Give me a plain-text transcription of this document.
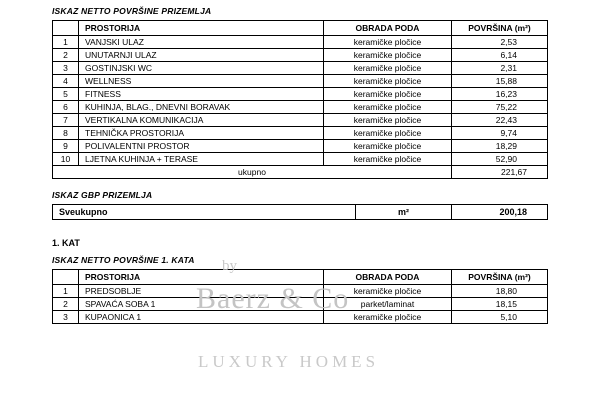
ISKAZ NETTO POVRŠINE PRIZEMLJA
	PROSTORIJA	OBRADA PODA	POVRŠINA (m²)
1	VANJSKI ULAZ	keramičke pločice	2,53
2	UNUTARNJI ULAZ	keramičke pločice	6,14
3	GOSTINJSKI WC	keramičke pločice	2,31
4	WELLNESS	keramičke pločice	15,88
5	FITNESS	keramičke pločice	16,23
6	KUHINJA, BLAG., DNEVNI BORAVAK	keramičke pločice	75,22
7	VERTIKALNA KOMUNIKACIJA	keramičke pločice	22,43
8	TEHNIČKA PROSTORIJA	keramičke pločice	9,74
9	POLIVALENTNI PROSTOR	keramičke pločice	18,29
10	LJETNA KUHINJA + TERASE	keramičke pločice	52,90
ukupno			221,67
ISKAZ GBP PRIZEMLJA
Sveukupno	m²	200,18
1. KAT
ISKAZ NETTO POVRŠINE 1. KATA
	PROSTORIJA	OBRADA PODA	POVRŠINA (m²)
1	PREDSOBLJE	keramičke pločice	18,80
2	SPAVAĆA SOBA 1	parket/laminat	18,15
3	KUPAONICA 1	keramičke pločice	5,10
by
Baerz & Co
LUXURY HOMES
